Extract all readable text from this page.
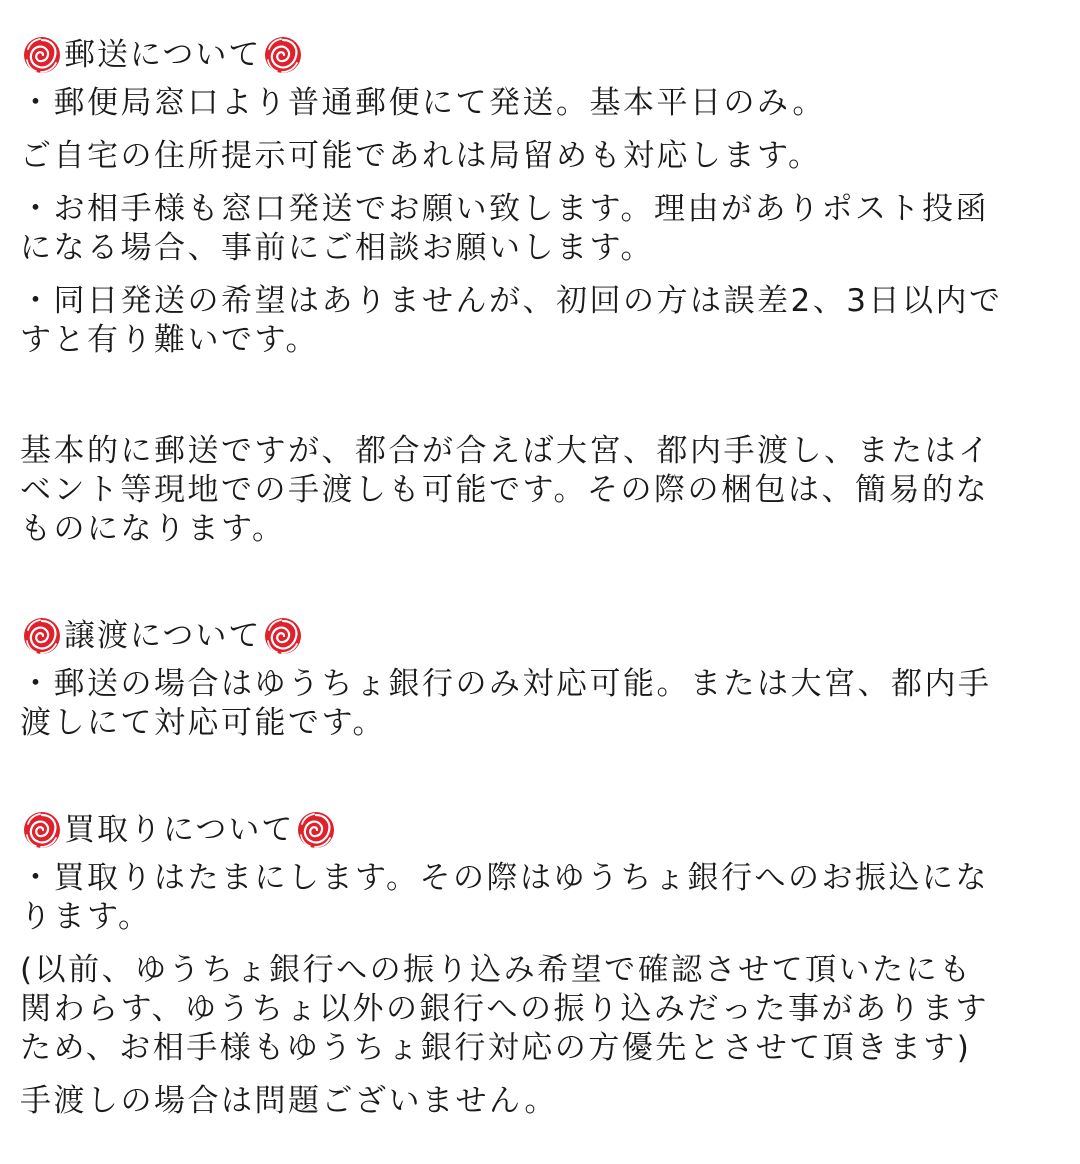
郵送について
・郵便局窓口より普通郵便にて発送。基本平日のみ。
ご自宅の住所提示可能であれは局留めも対応します。
・お相手様も窓口発送でお願い致します。理由がありポスト投函
になる場合、事前にご相談お願いします。
・同日発送の希望はありませんが、初回の方は誤差2、3日以内で
すと有り難いです。
基本的に郵送ですが、都合が合えば大宮、都内手渡し、またはイ
ベント等現地での手渡しも可能です。その際の梱包は、簡易的な
ものになります。
譲渡について
・郵送の場合はゆうちょ銀行のみ対応可能。または大宮、都内手
渡しにて対応可能です。
買取りについて
・買取りはたまにします。その際はゆうちょ銀行へのお振込にな
ります。
(以前、ゆうちょ銀行への振り込み希望で確認させて頂いたにも
関わらす、ゆうちょ以外の銀行への振り込みだった事があります
ため、お相手様もゆうちょ銀行対応の方優先とさせて頂きます)
手渡しの場合は問題ございません。
